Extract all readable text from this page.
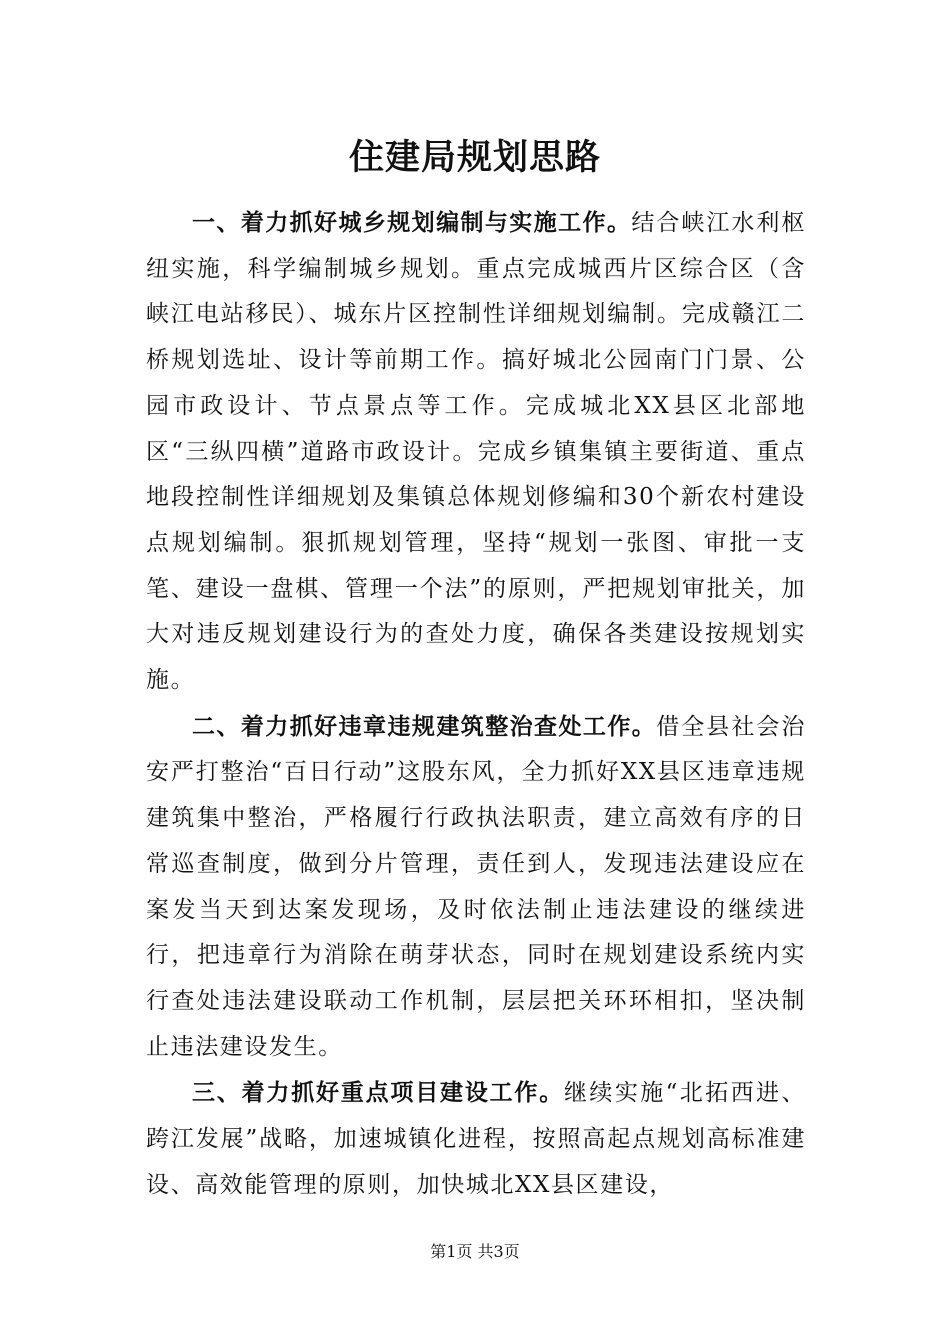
住建局规划思路

一、着力抓好城乡规划编制与实施工作。结合峡江水利枢纽实施，科学编制城乡规划。重点完成城西片区综合区（含峡江电站移民）、城东片区控制性详细规划编制。完成赣江二桥规划选址、设计等前期工作。搞好城北公园南门门景、公园市政设计、节点景点等工作。完成城北XX县区北部地区“三纵四横”道路市政设计。完成乡镇集镇主要街道、重点地段控制性详细规划及集镇总体规划修编和30个新农村建设点规划编制。狠抓规划管理，坚持“规划一张图、审批一支笔、建设一盘棋、管理一个法”的原则，严把规划审批关，加大对违反规划建设行为的查处力度，确保各类建设按规划实施。

二、着力抓好违章违规建筑整治查处工作。借全县社会治安严打整治“百日行动”这股东风，全力抓好XX县区违章违规建筑集中整治，严格履行行政执法职责，建立高效有序的日常巡查制度，做到分片管理，责任到人，发现违法建设应在案发当天到达案发现场，及时依法制止违法建设的继续进行，把违章行为消除在萌芽状态，同时在规划建设系统内实行查处违法建设联动工作机制，层层把关环环相扣，坚决制止违法建设发生。

三、着力抓好重点项目建设工作。继续实施“北拓西进、跨江发展”战略，加速城镇化进程，按照高起点规划高标准建设、高效能管理的原则，加快城北XX县区建设，

第1页 共3页
